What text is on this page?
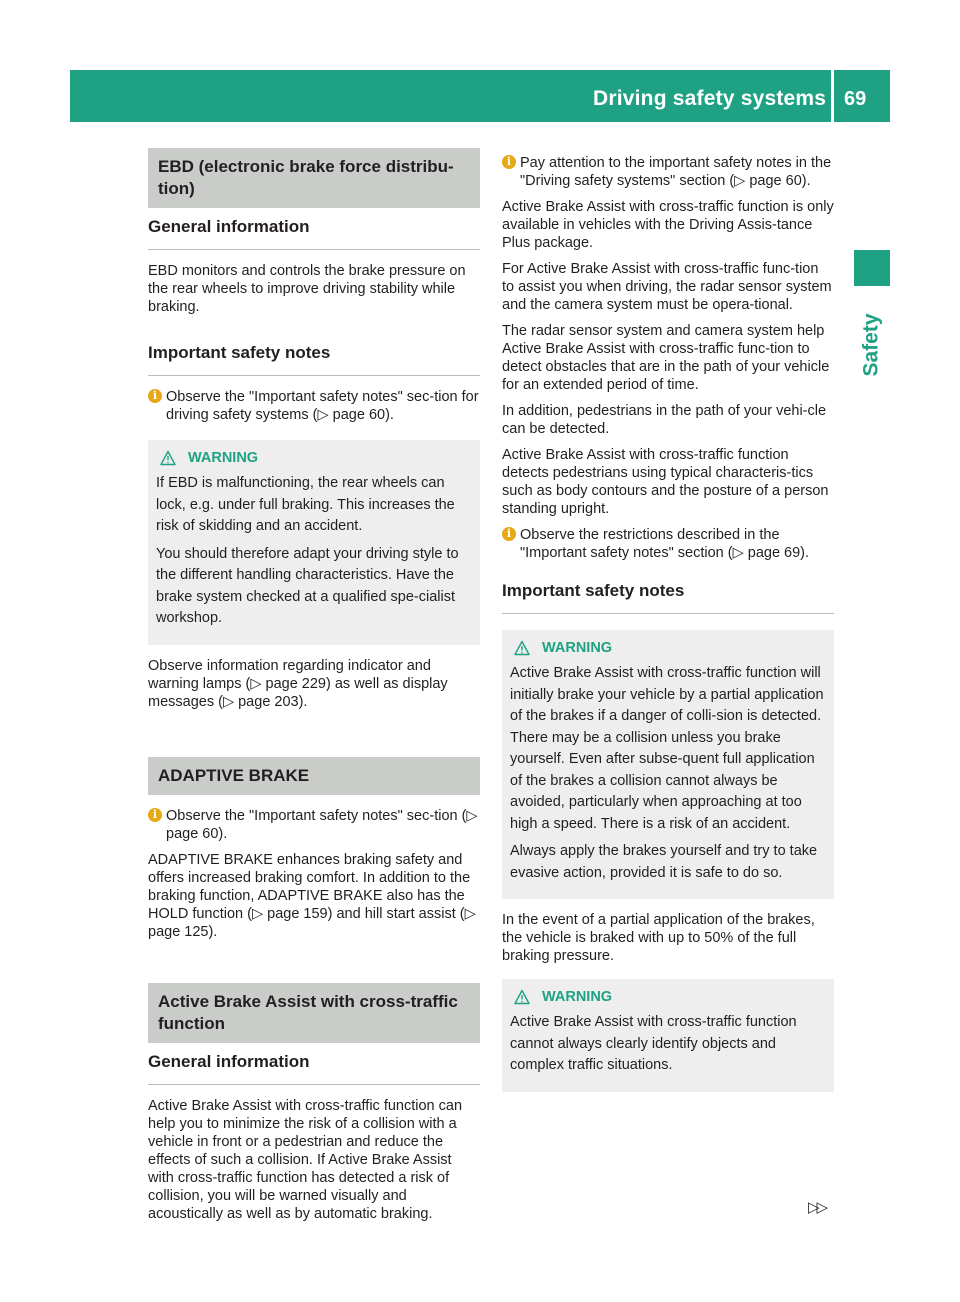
Driving safety systems 69
Safety
EBD (electronic brake force distribu-tion)
General information

EBD monitors and controls the brake pressure on the rear wheels to improve driving stability while braking.

Important safety notes
i Observe the "Important safety notes" sec-tion for driving safety systems (▷ page 60).
WARNING

If EBD is malfunctioning, the rear wheels can lock, e.g. under full braking. This increases the risk of skidding and an accident.

You should therefore adapt your driving style to the different handling characteristics. Have the brake system checked at a qualified spe-cialist workshop.

Observe information regarding indicator and warning lamps (▷ page 229) as well as display messages (▷ page 203).

ADAPTIVE BRAKE
i Observe the "Important safety notes" sec-tion (▷ page 60).

ADAPTIVE BRAKE enhances braking safety and offers increased braking comfort. In addition to the braking function, ADAPTIVE BRAKE also has the HOLD function (▷ page 159) and hill start assist (▷ page 125).

Active Brake Assist with cross-traffic function
General information

Active Brake Assist with cross-traffic function can help you to minimize the risk of a collision with a vehicle in front or a pedestrian and reduce the effects of such a collision. If Active Brake Assist with cross-traffic function has detected a risk of collision, you will be warned visually and acoustically as well as by automatic braking.

i Pay attention to the important safety notes in the "Driving safety systems" section (▷ page 60).

Active Brake Assist with cross-traffic function is only available in vehicles with the Driving Assis-tance Plus package.

For Active Brake Assist with cross-traffic func-tion to assist you when driving, the radar sensor system and the camera system must be opera-tional.

The radar sensor system and camera system help Active Brake Assist with cross-traffic func-tion to detect obstacles that are in the path of your vehicle for an extended period of time.

In addition, pedestrians in the path of your vehi-cle can be detected.

Active Brake Assist with cross-traffic function detects pedestrians using typical characteris-tics such as body contours and the posture of a person standing upright.

i Observe the restrictions described in the "Important safety notes" section (▷ page 69).
Important safety notes
WARNING

Active Brake Assist with cross-traffic function will initially brake your vehicle by a partial application of the brakes if a danger of colli-sion is detected. There may be a collision unless you brake yourself. Even after subse-quent full application of the brakes a collision cannot always be avoided, particularly when approaching at too high a speed. There is a risk of an accident.

Always apply the brakes yourself and try to take evasive action, provided it is safe to do so.

In the event of a partial application of the brakes, the vehicle is braked with up to 50% of the full braking pressure.

WARNING

Active Brake Assist with cross-traffic function cannot always clearly identify objects and complex traffic situations.

▷▷
